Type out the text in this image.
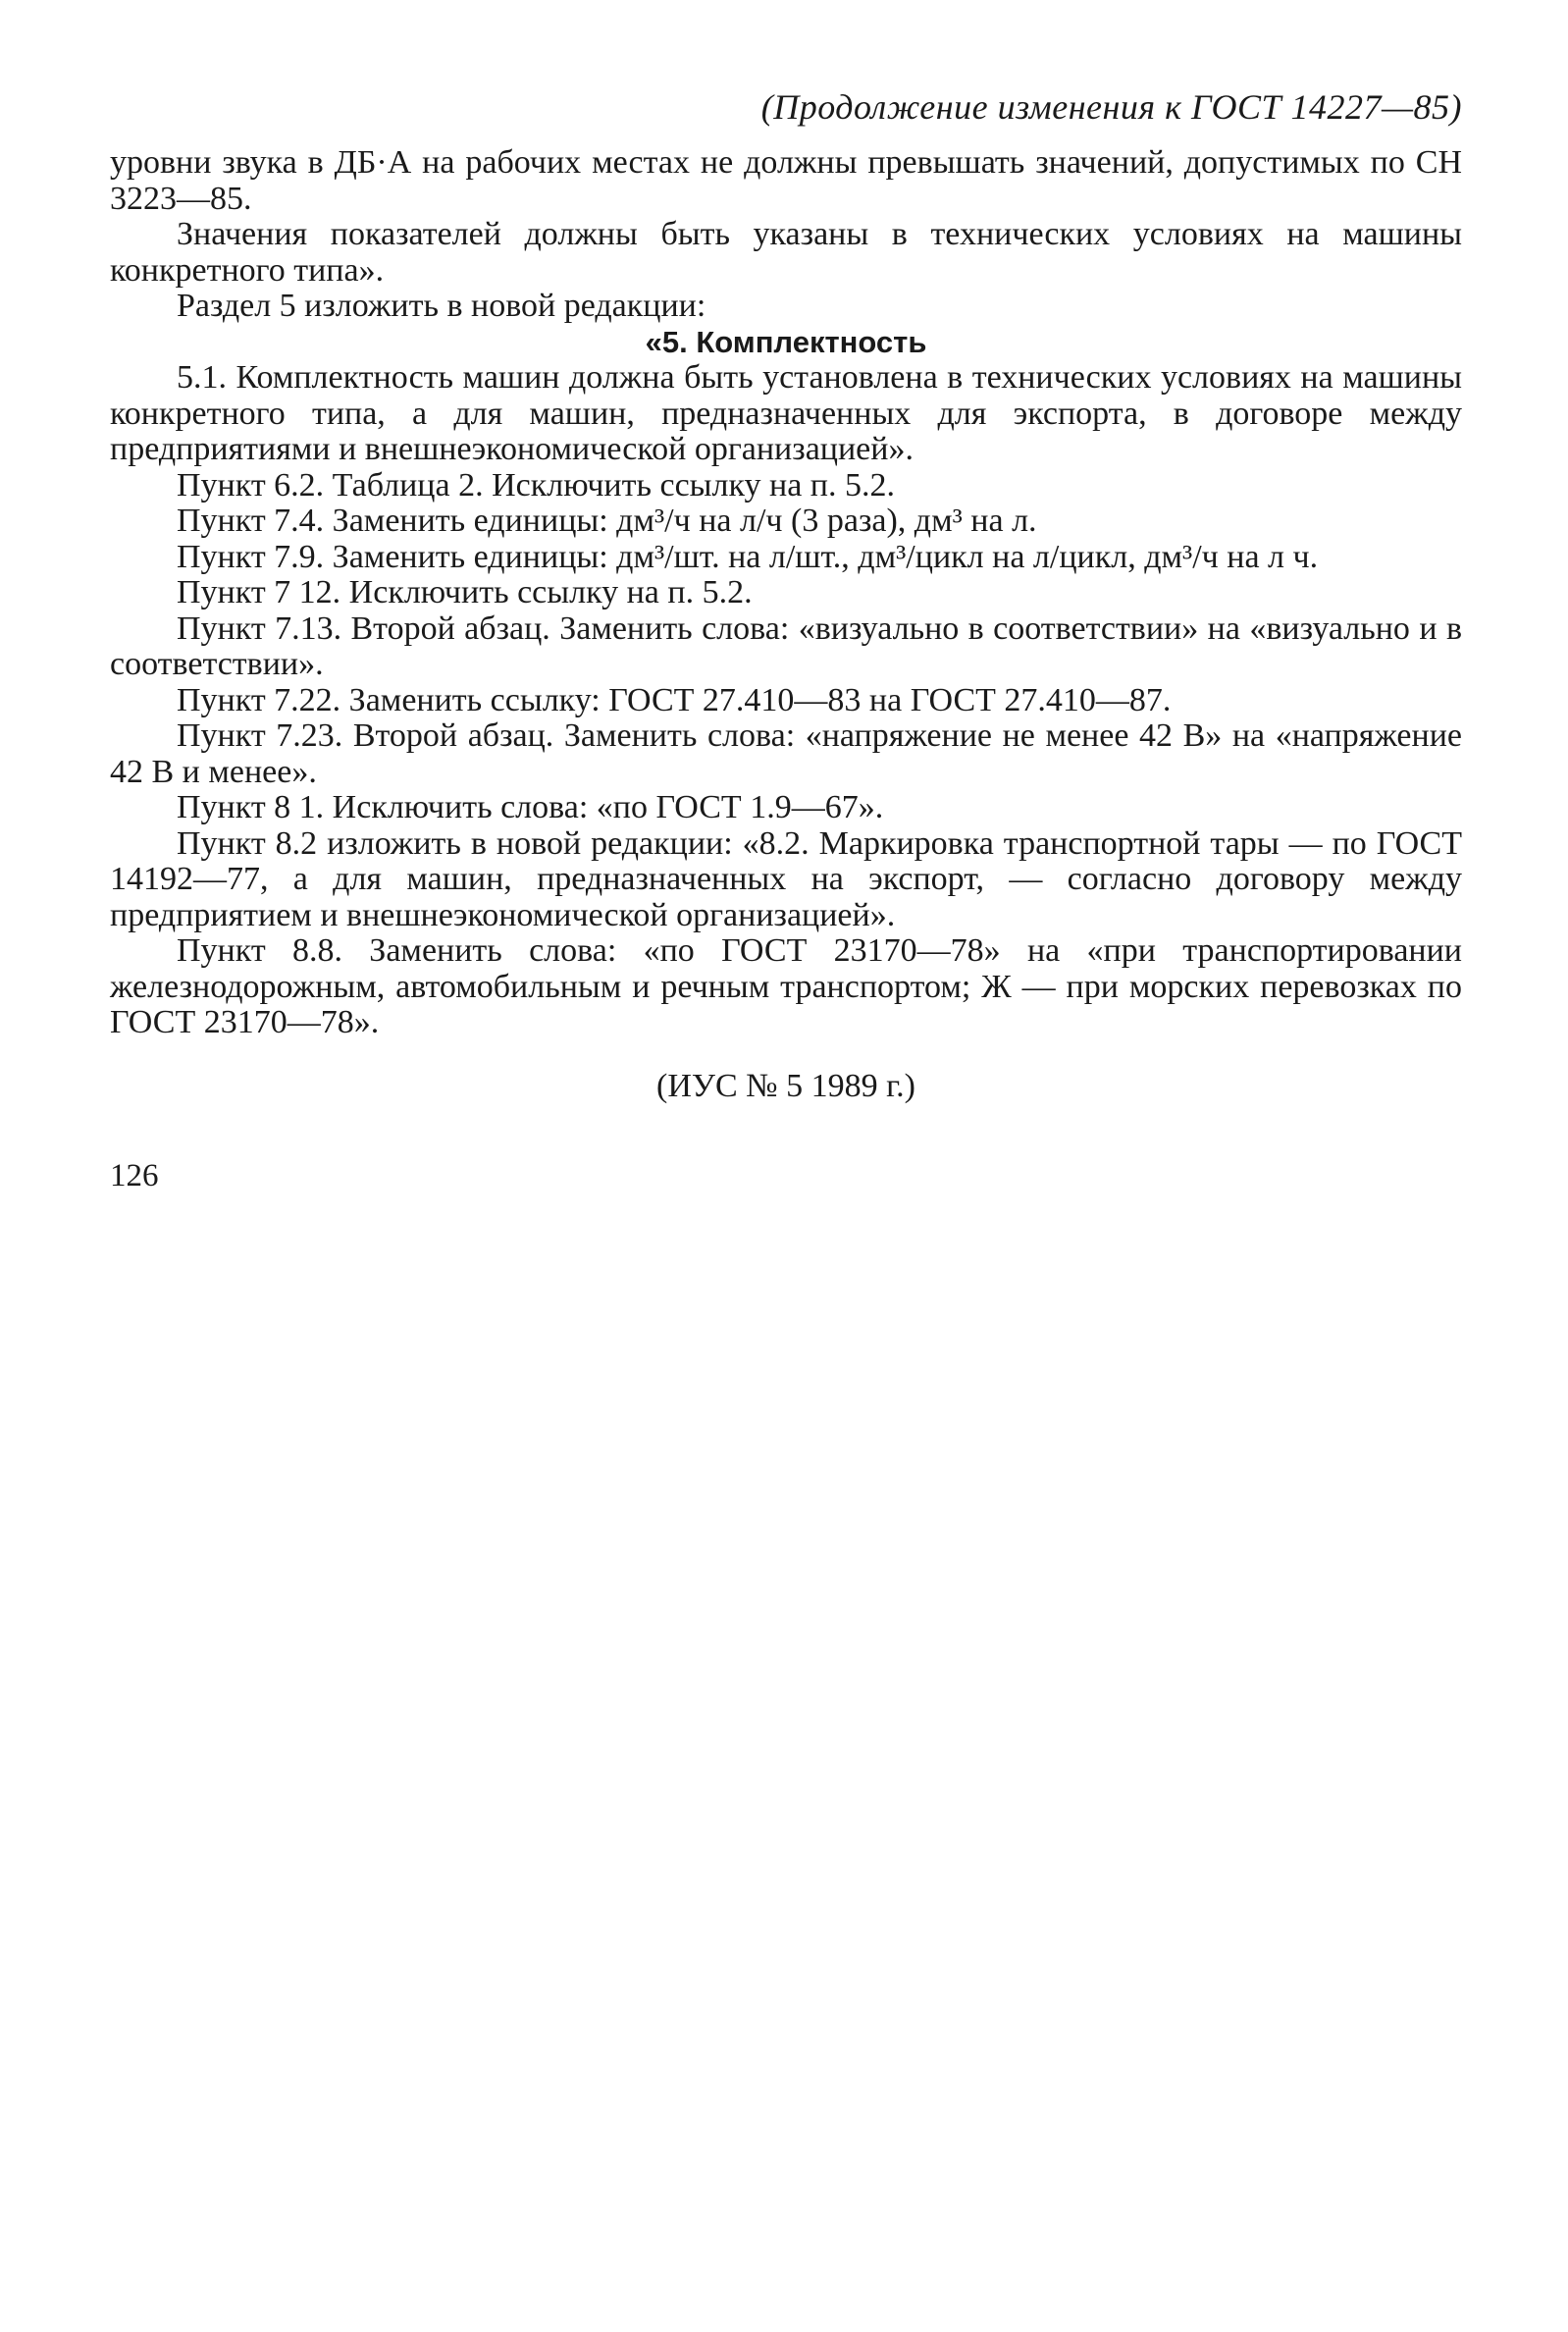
(Продолжение изменения к ГОСТ 14227—85)

уровни звука в ДБ·А на рабочих местах не должны превышать значений, допустимых по СН 3223—85.

Значения показателей должны быть указаны в технических условиях на машины конкретного типа».

Раздел 5 изложить в новой редакции:

«5. Комплектность

5.1. Комплектность машин должна быть установлена в технических условиях на машины конкретного типа, а для машин, предназначенных для экспорта, в договоре между предприятиями и внешнеэкономической организацией».

Пункт 6.2. Таблица 2. Исключить ссылку на п. 5.2.

Пункт 7.4. Заменить единицы: дм³/ч на л/ч (3 раза), дм³ на л.

Пункт 7.9. Заменить единицы: дм³/шт. на л/шт., дм³/цикл на л/цикл, дм³/ч на л ч.

Пункт 7 12. Исключить ссылку на п. 5.2.

Пункт 7.13. Второй абзац. Заменить слова: «визуально в соответствии» на «визуально и в соответствии».

Пункт 7.22. Заменить ссылку: ГОСТ 27.410—83 на ГОСТ 27.410—87.

Пункт 7.23. Второй абзац. Заменить слова: «напряжение не менее 42 В» на «напряжение 42 В и менее».

Пункт 8 1. Исключить слова: «по ГОСТ 1.9—67».

Пункт 8.2 изложить в новой редакции: «8.2. Маркировка транспортной тары — по ГОСТ 14192—77, а для машин, предназначенных на экспорт, — согласно договору между предприятием и внешнеэкономической организацией».

Пункт 8.8. Заменить слова: «по ГОСТ 23170—78» на «при транспортировании железнодорожным, автомобильным и речным транспортом; Ж — при морских перевозках по ГОСТ 23170—78».

(ИУС № 5 1989 г.)
126
